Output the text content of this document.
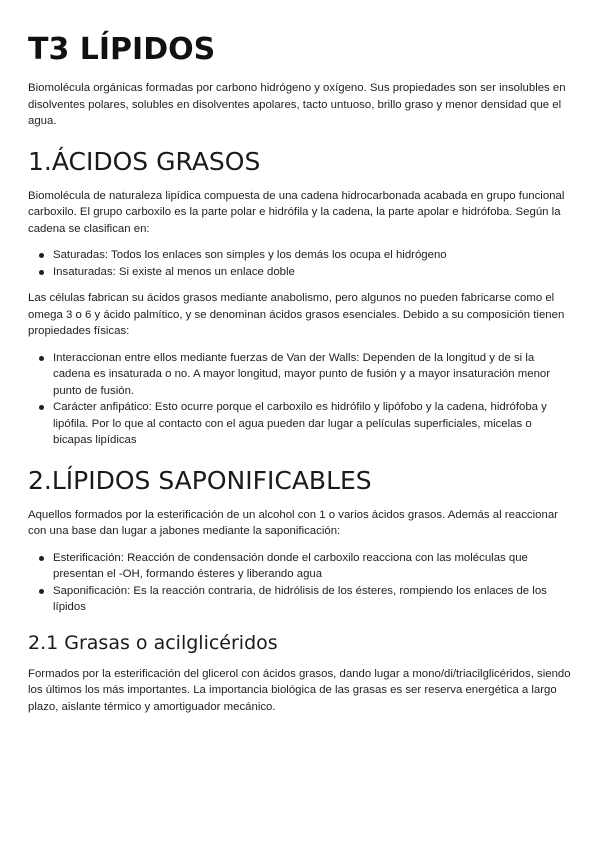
T3 LÍPIDOS

Biomolécula orgánicas formadas por carbono hidrógeno y oxígeno. Sus propiedades son ser insolubles en disolventes polares, solubles en disolventes apolares, tacto untuoso, brillo graso y menor densidad que el agua.

1.ÁCIDOS GRASOS

Biomolécula de naturaleza lipídica compuesta de una cadena hidrocarbonada acabada en grupo funcional carboxilo. El grupo carboxilo es la parte polar e hidrófila y la cadena, la parte apolar e hidrófoba. Según la cadena se clasifican en:

Saturadas: Todos los enlaces son simples y los demás los ocupa el hidrógeno
Insaturadas: Si existe al menos un enlace doble

Las células fabrican su ácidos grasos mediante anabolismo, pero algunos no pueden fabricarse como el omega 3 o 6 y ácido palmítico, y se denominan ácidos grasos esenciales. Debido a su composición tienen propiedades físicas:

Interaccionan entre ellos mediante fuerzas de Van der Walls: Dependen de la longitud y de si la cadena es insaturada o no. A mayor longitud, mayor punto de fusión y a mayor insaturación menor punto de fusión.
Carácter anfipático: Esto ocurre porque el carboxilo es hidrófilo y lipófobo y la cadena, hidrófoba y lipófila. Por lo que al contacto con el agua pueden dar lugar a películas superficiales, micelas o bicapas lipídicas
2.LÍPIDOS SAPONIFICABLES

Aquellos formados por la esterificación de un alcohol con 1 o varios ácidos grasos. Además al reaccionar con una base dan lugar a jabones mediante la saponificación:

Esterificación: Reacción de condensación donde el carboxilo reacciona con las moléculas que presentan el -OH, formando ésteres y liberando agua
Saponificación: Es la reacción contraria, de hidrólisis de los ésteres, rompiendo los enlaces de los lípidos
2.1 Grasas o acilglicéridos

Formados por la esterificación del glicerol con ácidos grasos, dando lugar a mono/di/triacilglicéridos, siendo los últimos los más importantes. La importancia biológica de las grasas es ser reserva energética a largo plazo, aislante térmico y amortiguador mecánico.
